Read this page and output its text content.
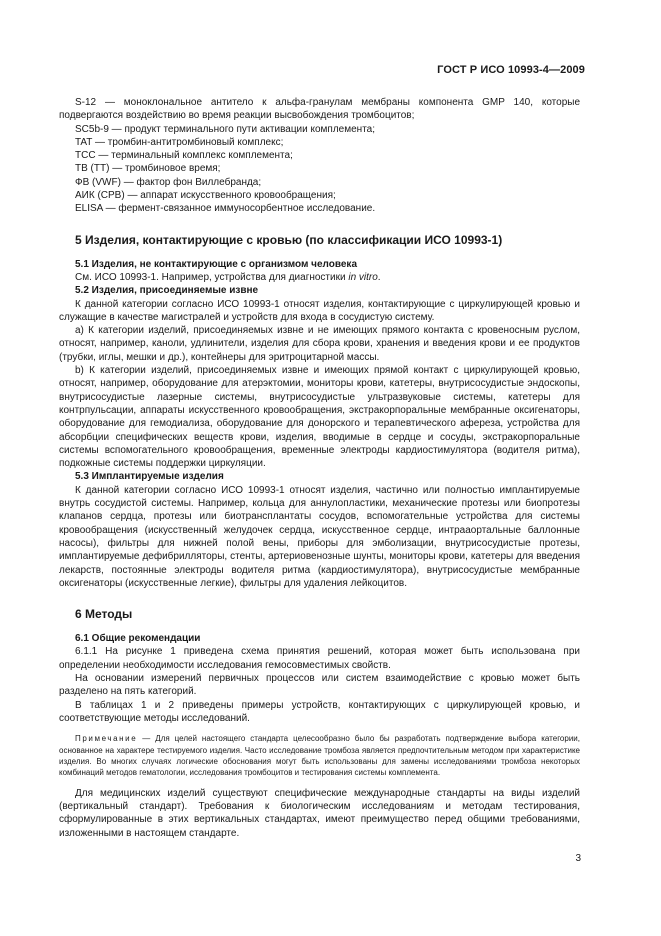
ГОСТ Р ИСО 10993-4—2009

S-12 — моноклональное антитело к альфа-гранулам мембраны компонента GMP 140, которые подвергаются воздействию во время реакции высвобождения тромбоцитов;

SC5b-9 — продукт терминального пути активации комплемента;

TAT — тромбин-антитромбиновый комплекс;

TCC — терминальный комплекс комплемента;

ТВ (ТТ) — тромбиновое время;

ФВ (VWF) — фактор фон Виллебранда;

АИК (СРВ) — аппарат искусственного кровообращения;

ELISA — фермент-связанное иммуносорбентное исследование.

5 Изделия, контактирующие с кровью (по классификации ИСО 10993-1)

5.1 Изделия, не контактирующие с организмом человека

См. ИСО 10993-1. Например, устройства для диагностики in vitro.

5.2 Изделия, присоединяемые извне

К данной категории согласно ИСО 10993-1 относят изделия, контактирующие с циркулирующей кровью и служащие в качестве магистралей и устройств для входа в сосудистую систему.

a) К категории изделий, присоединяемых извне и не имеющих прямого контакта с кровеносным руслом, относят, например, каноли, удлинители, изделия для сбора крови, хранения и введения крови и ее продуктов (трубки, иглы, мешки и др.), контейнеры для эритроцитарной массы.

b) К категории изделий, присоединяемых извне и имеющих прямой контакт с циркулирующей кровью, относят, например, оборудование для атерэктомии, мониторы крови, катетеры, внутрисосудистые эндоскопы, внутрисосудистые лазерные системы, внутрисосудистые ультразвуковые системы, катетеры для контрпульсации, аппараты искусственного кровообращения, экстракорпоральные мембранные оксигенаторы, оборудование для гемодиализа, оборудование для донорского и терапевтического афереза, устройства для абсорбции специфических веществ крови, изделия, вводимые в сердце и сосуды, экстракорпоральные системы вспомогательного кровообращения, временные электроды кардиостимулятора (водителя ритма), подкожные системы поддержки циркуляции.

5.3 Имплантируемые изделия

К данной категории согласно ИСО 10993-1 относят изделия, частично или полностью имплантируемые внутрь сосудистой системы. Например, кольца для аннулопластики, механические протезы или биопротезы клапанов сердца, протезы или биотрансплантаты сосудов, вспомогательные устройства для системы кровообращения (искусственный желудочек сердца, искусственное сердце, интрааортальные баллонные насосы), фильтры для нижней полой вены, приборы для эмболизации, внутрисосудистые протезы, имплантируемые дефибрилляторы, стенты, артериовенозные шунты, мониторы крови, катетеры для введения лекарств, постоянные электроды водителя ритма (кардиостимулятора), внутрисосудистые мембранные оксигенаторы (искусственные легкие), фильтры для удаления лейкоцитов.

6 Методы

6.1 Общие рекомендации

6.1.1 На рисунке 1 приведена схема принятия решений, которая может быть использована при определении необходимости исследования гемосовместимых свойств.

На основании измерений первичных процессов или систем взаимодействие с кровью может быть разделено на пять категорий.

В таблицах 1 и 2 приведены примеры устройств, контактирующих с циркулирующей кровью, и соответствующие методы исследований.

Примечание — Для целей настоящего стандарта целесообразно было бы разработать подтверждение выбора категории, основанное на характере тестируемого изделия. Часто исследование тромбоза является предпочтительным методом при характеристике изделия. Во многих случаях логические обоснования могут быть использованы для замены исследованиями тромбоза некоторых комбинаций методов гематологии, исследования тромбоцитов и тестирования системы комплемента.

Для медицинских изделий существуют специфические международные стандарты на виды изделий (вертикальный стандарт). Требования к биологическим исследованиям и методам тестирования, сформулированные в этих вертикальных стандартах, имеют преимущество перед общими требованиями, изложенными в настоящем стандарте.

3
